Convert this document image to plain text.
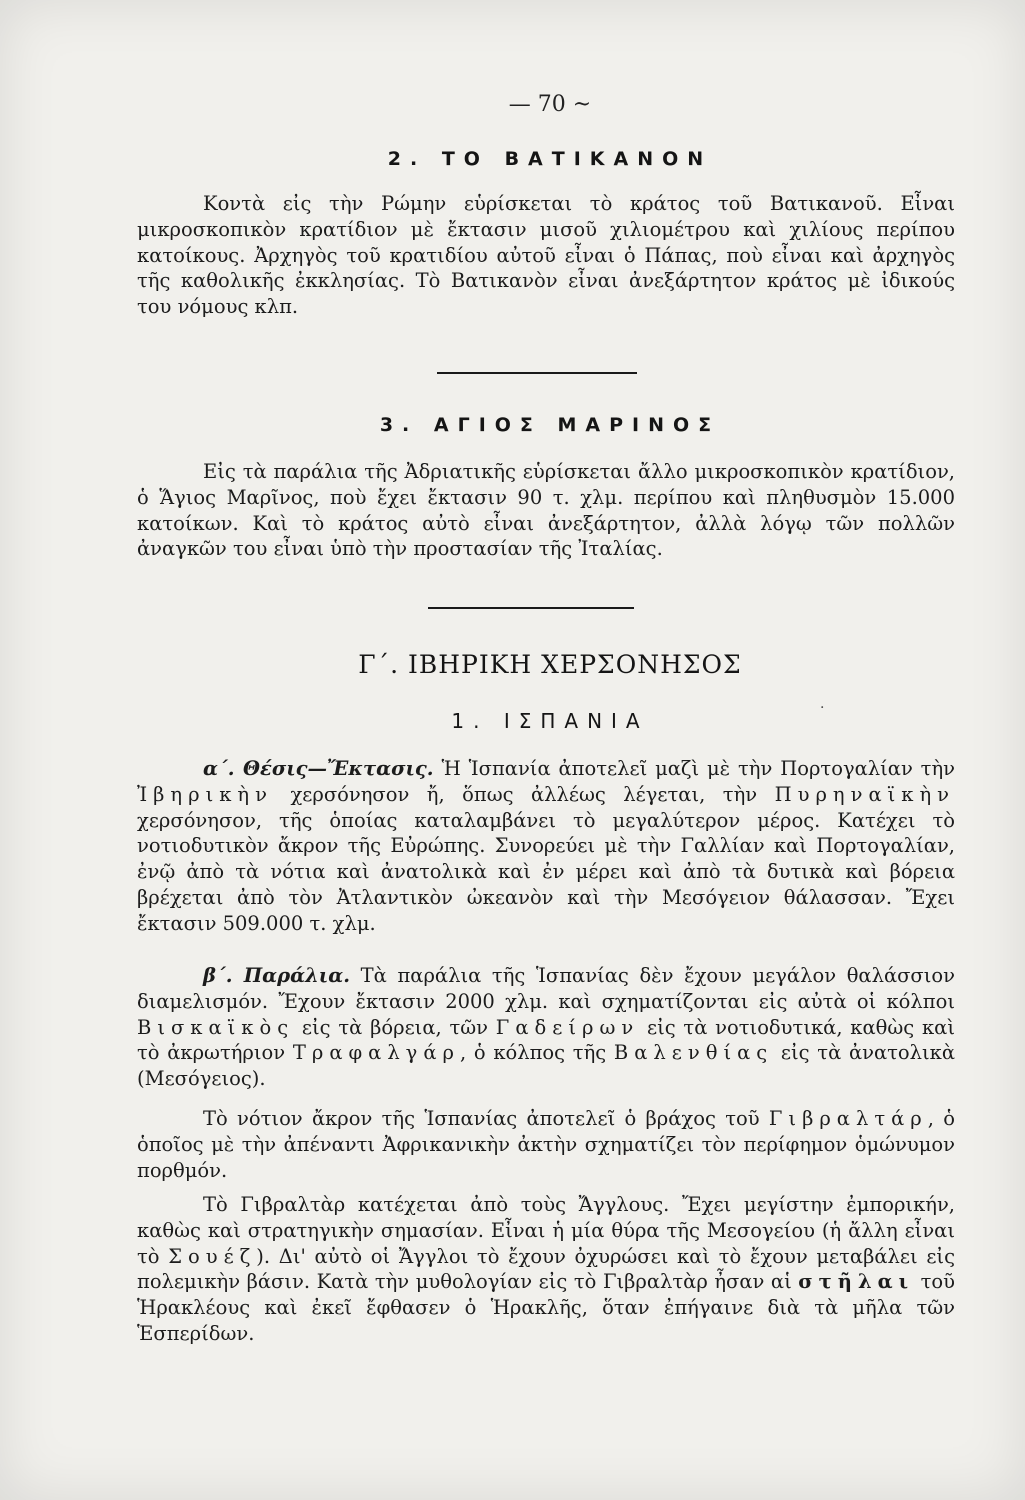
— 70 ~
2. ΤΟ ΒΑΤΙΚΑΝΟΝ

Κοντὰ εἰς τὴν Ρώμην εὑρίσκεται τὸ κράτος τοῦ Βατικανοῦ. Εἶναι μικροσκοπικὸν κρατίδιον μὲ ἔκτασιν μισοῦ χιλιομέτρου καὶ χιλίους περίπου κατοίκους. Ἀρχηγὸς τοῦ κρατιδίου αὐτοῦ εἶναι ὁ Πάπας, ποὺ εἶναι καὶ ἀρχηγὸς τῆς καθολικῆς ἐκκλησίας. Τὸ Βατικανὸν εἶναι ἀνεξάρτητον κράτος μὲ ἰδικούς του νόμους κλπ.

3. ΑΓΙΟΣ ΜΑΡΙΝΟΣ

Εἰς τὰ παράλια τῆς Ἀδριατικῆς εὑρίσκεται ἄλλο μικροσκοπικὸν κρατίδιον, ὁ Ἅγιος Μαρῖνος, ποὺ ἔχει ἔκτασιν 90 τ. χλμ. περίπου καὶ πληθυσμὸν 15.000 κατοίκων. Καὶ τὸ κράτος αὐτὸ εἶναι ἀνεξάρτητον, ἀλλὰ λόγῳ τῶν πολλῶν ἀναγκῶν του εἶναι ὑπὸ τὴν προστασίαν τῆς Ἰταλίας.

Γ΄. ΙΒΗΡΙΚΗ ΧΕΡΣΟΝΗΣΟΣ
1. ΙΣΠΑΝΙΑ
·

α΄. Θέσις—Ἔκτασις. Ἡ Ἱσπανία ἀποτελεῖ μαζὶ μὲ τὴν Πορτογαλίαν τὴν Ἰβηρικὴν χερσόνησον ἤ, ὅπως ἀλλέως λέγεται, τὴν Πυρηναϊκὴν χερσόνησον, τῆς ὁποίας καταλαμβάνει τὸ μεγαλύτερον μέρος. Κατέχει τὸ νοτιοδυτικὸν ἄκρον τῆς Εὐρώπης. Συνορεύει μὲ τὴν Γαλλίαν καὶ Πορτογαλίαν, ἐνῷ ἀπὸ τὰ νότια καὶ ἀνατολικὰ καὶ ἐν μέρει καὶ ἀπὸ τὰ δυτικὰ καὶ βόρεια βρέχεται ἀπὸ τὸν Ἀτλαντικὸν ὠκεανὸν καὶ τὴν Μεσόγειον θάλασσαν. Ἔχει ἔκτασιν 509.000 τ. χλμ.

β΄. Παράλια. Τὰ παράλια τῆς Ἱσπανίας δὲν ἔχουν μεγάλον θαλάσσιον διαμελισμόν. Ἔχουν ἔκτασιν 2000 χλμ. καὶ σχηματίζονται εἰς αὐτὰ οἱ κόλποι Βισκαϊκὸς εἰς τὰ βόρεια, τῶν Γαδείρων εἰς τὰ νοτιοδυτικά, καθὼς καὶ τὸ ἀκρωτήριον Τραφαλγάρ, ὁ κόλπος τῆς Βαλενθίας εἰς τὰ ἀνατολικὰ (Μεσόγειος).

Τὸ νότιον ἄκρον τῆς Ἱσπανίας ἀποτελεῖ ὁ βράχος τοῦ Γιβραλτάρ, ὁ ὁποῖος μὲ τὴν ἀπέναντι Ἀφρικανικὴν ἀκτὴν σχηματίζει τὸν περίφημον ὁμώνυμον πορθμόν.

Τὸ Γιβραλτὰρ κατέχεται ἀπὸ τοὺς Ἄγγλους. Ἔχει μεγίστην ἐμπορικήν, καθὼς καὶ στρατηγικὴν σημασίαν. Εἶναι ἡ μία θύρα τῆς Μεσογείου (ἡ ἄλλη εἶναι τὸ Σουέζ). Δι' αὐτὸ οἱ Ἄγγλοι τὸ ἔχουν ὀχυρώσει καὶ τὸ ἔχουν μεταβάλει εἰς πολεμικὴν βάσιν. Κατὰ τὴν μυθολογίαν εἰς τὸ Γιβραλτὰρ ἦσαν αἱ στῆλαι τοῦ Ἡρακλέους καὶ ἐκεῖ ἔφθασεν ὁ Ἡρακλῆς, ὅταν ἐπήγαινε διὰ τὰ μῆλα τῶν Ἑσπερίδων.
